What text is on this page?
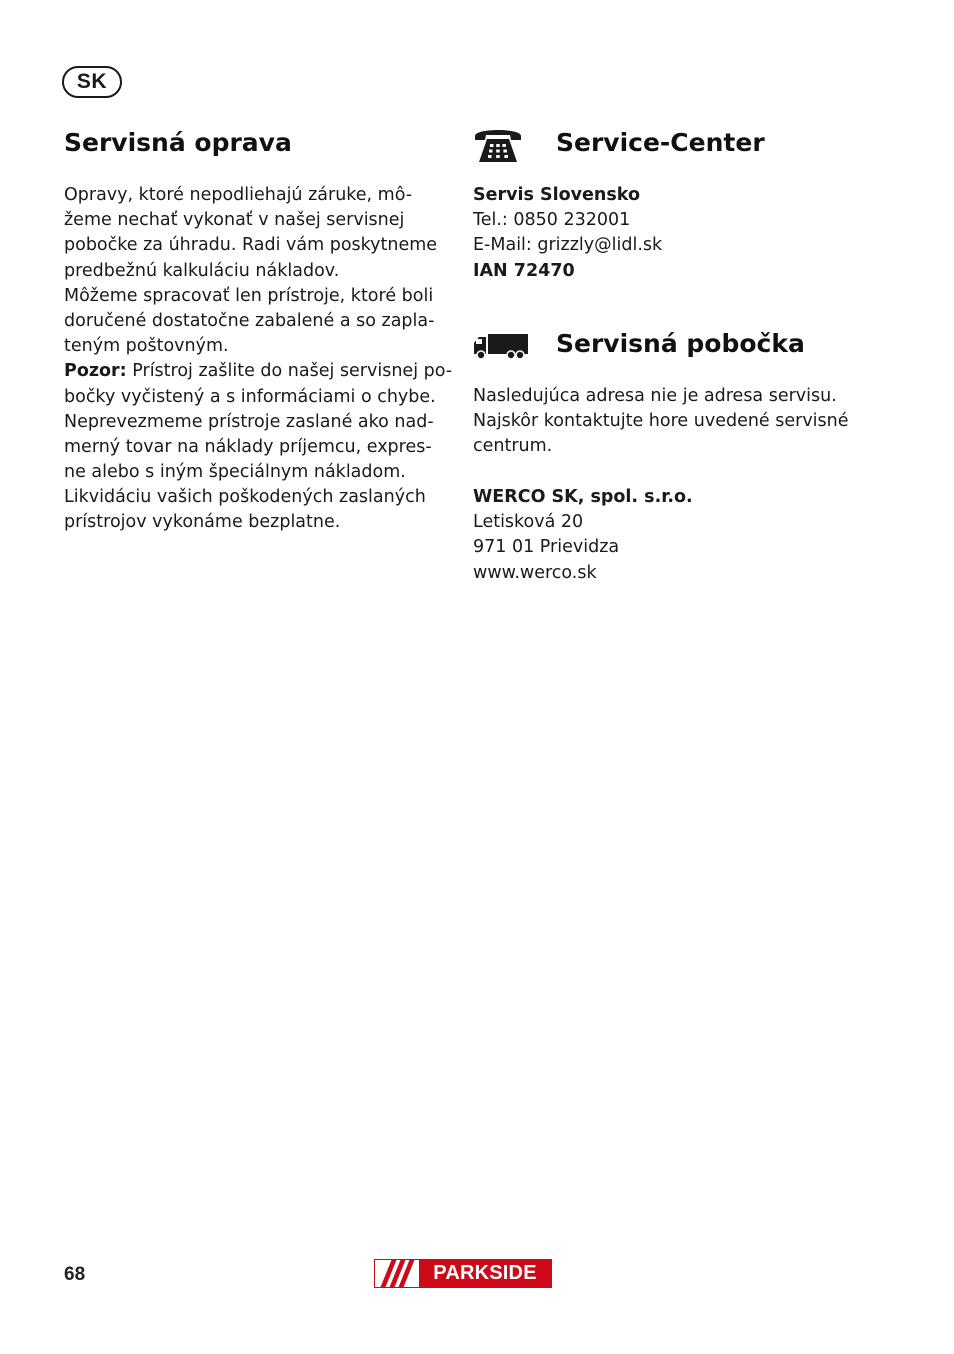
SK
Servisná oprava
Opravy, ktoré nepodliehajú záruke, mô-
žeme nechať vykonať v našej servisnej
pobočke za úhradu. Radi vám poskytneme
predbežnú kalkuláciu nákladov.
Môžeme spracovať len prístroje, ktoré boli
doručené dostatočne zabalené a so zapla-
teným poštovným.
Pozor: Prístroj zašlite do našej servisnej po-
bočky vyčistený a s informáciami o chybe.
Neprevezmeme prístroje zaslané ako nad-
merný tovar na náklady príjemcu, expres-
ne alebo s iným špeciálnym nákladom.
Likvidáciu vašich poškodených zaslaných
prístrojov vykonáme bezplatne.
Service-Center
Servis Slovensko
Tel.: 0850 232001
E-Mail: grizzly@lidl.sk
IAN 72470
Servisná pobočka
Nasledujúca adresa nie je adresa servisu.
Najskôr kontaktujte hore uvedené servisné
centrum.
WERCO SK, spol. s.r.o.
Letisková 20
971 01 Prievidza
www.werco.sk
68	PARKSIDE
